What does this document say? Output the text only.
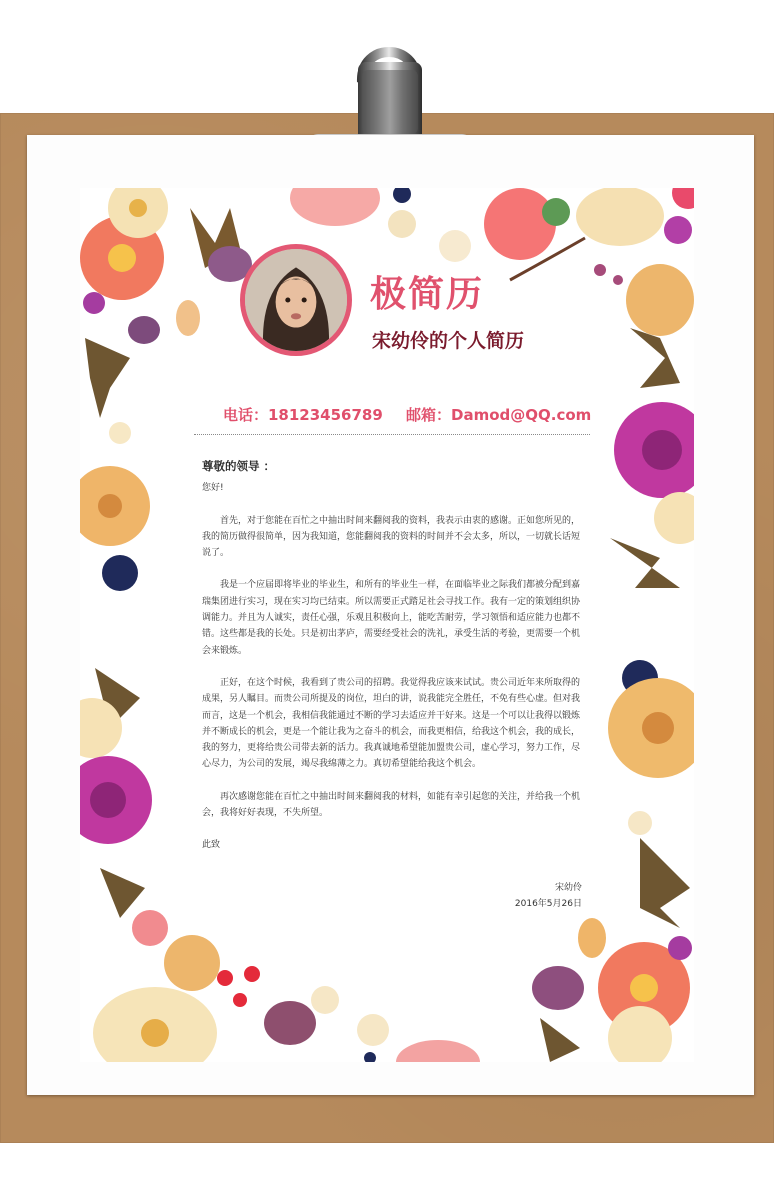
极简历
宋幼伶的个人简历
电话：18123456789 邮箱：Damod@QQ.com
尊敬的领导 ：
您好!

首先，对于您能在百忙之中抽出时间来翻阅我的资料，我表示由衷的感谢。正如您所见的，我的简历做得很简单，因为我知道，您能翻阅我的资料的时间并不会太多，所以，一切就长话短说了。

我是一个应届即将毕业的毕业生，和所有的毕业生一样，在面临毕业之际我们都被分配到嘉瑞集团进行实习，现在实习均已结束。所以需要正式踏足社会寻找工作。我有一定的策划组织协调能力。并且为人诚实，责任心强，乐观且积极向上，能吃苦耐劳，学习领悟和适应能力也都不错。这些都是我的长处。只是初出茅庐，需要经受社会的洗礼，承受生活的考验，更需要一个机会来锻炼。

正好，在这个时候，我看到了贵公司的招聘。我觉得我应该来试试。贵公司近年来所取得的成果，另人瞩目。而贵公司所提及的岗位，坦白的讲，说我能完全胜任，不免有些心虚。但对我而言，这是一个机会，我相信我能通过不断的学习去适应并干好来。这是一个可以让我得以锻炼并不断成长的机会，更是一个能让我为之奋斗的机会，而我更相信，给我这个机会，我的成长，我的努力，更将给贵公司带去新的活力。我真诚地希望能加盟贵公司，虚心学习，努力工作，尽心尽力，为公司的发展，竭尽我绵薄之力。真切希望能给我这个机会。

再次感谢您能在百忙之中抽出时间来翻阅我的材料，如能有幸引起您的关注，并给我一个机会，我将好好表现，不失所望。

此致
宋幼伶
2016年5月26日
